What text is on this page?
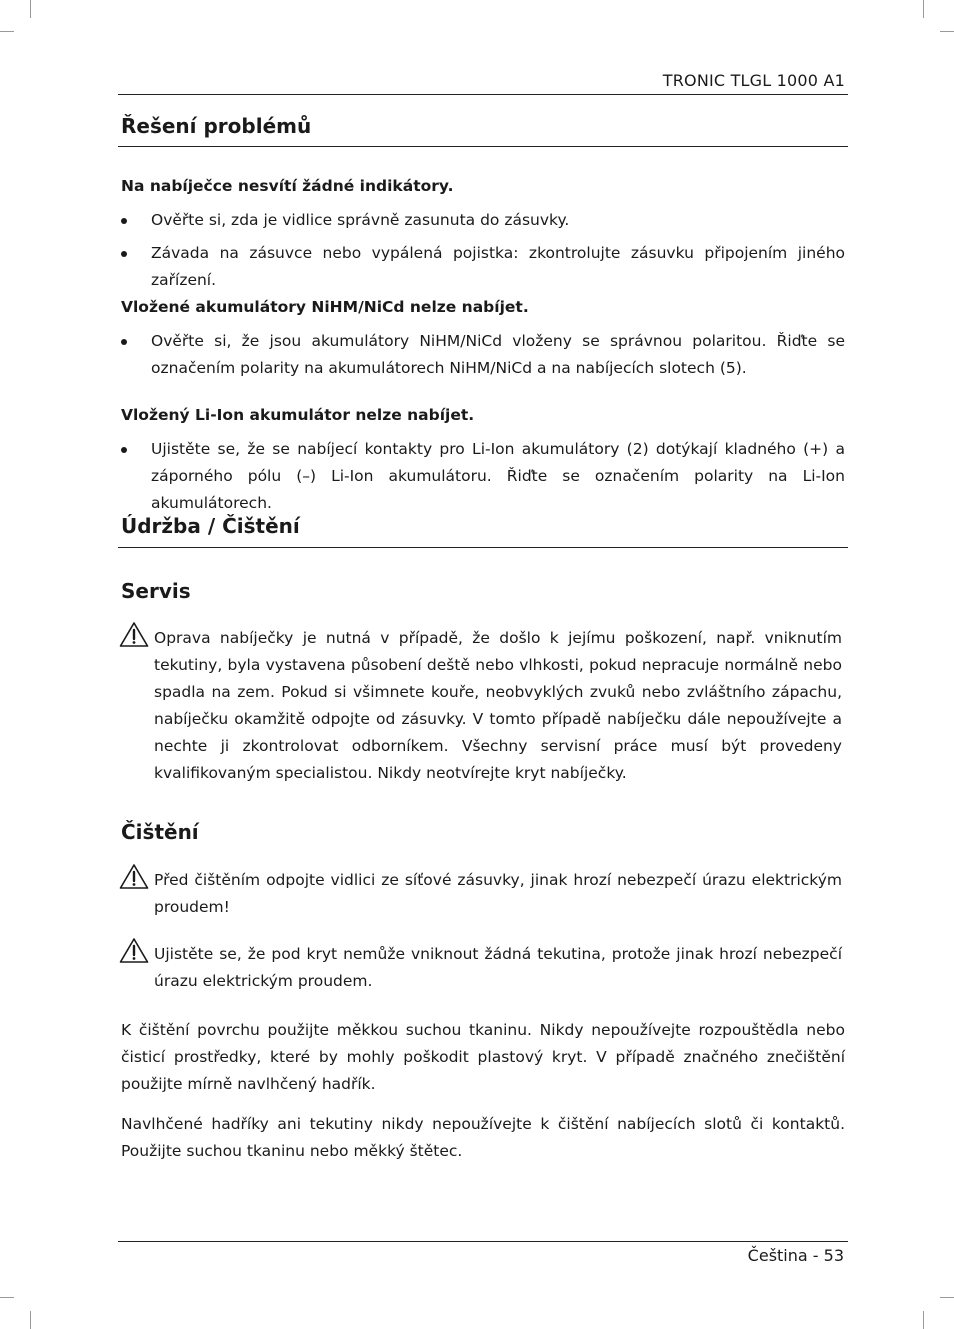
TRONIC TLGL 1000 A1
Řešení problémů
Na nabíječce nesvítí žádné indikátory.

Ověřte si, zda je vidlice správně zasunuta do zásuvky.

Závada na zásuvce nebo vypálená pojistka: zkontrolujte zásuvku připojením jiného zařízení.

Vložené akumulátory NiHM/NiCd nelze nabíjet.

Ověřte si, že jsou akumulátory NiHM/NiCd vloženy se správnou polaritou. Řiďte se označením polarity na akumulátorech NiHM/NiCd a na nabíjecích slotech (5).

Vložený Li-Ion akumulátor nelze nabíjet.

Ujistěte se, že se nabíjecí kontakty pro Li-Ion akumulátory (2) dotýkají kladného (+) a záporného pólu (–) Li-Ion akumulátoru. Řiďte se označením polarity na Li-Ion akumulátorech.

Údržba / Čištění
Servis

Oprava nabíječky je nutná v případě, že došlo k jejímu poškození, např. vniknutím tekutiny, byla vystavena působení deště nebo vlhkosti, pokud nepracuje normálně nebo spadla na zem. Pokud si všimnete kouře, neobvyklých zvuků nebo zvláštního zápachu, nabíječku okamžitě odpojte od zásuvky. V tomto případě nabíječku dále nepoužívejte a nechte ji zkontrolovat odborníkem. Všechny servisní práce musí být provedeny kvalifikovaným specialistou. Nikdy neotvírejte kryt nabíječky.

Čištění

Před čištěním odpojte vidlici ze síťové zásuvky, jinak hrozí nebezpečí úrazu elektrickým proudem!

Ujistěte se, že pod kryt nemůže vniknout žádná tekutina, protože jinak hrozí nebezpečí úrazu elektrickým proudem.

K čištění povrchu použijte měkkou suchou tkaninu. Nikdy nepoužívejte rozpouštědla nebo čisticí prostředky, které by mohly poškodit plastový kryt. V případě značného znečištění použijte mírně navlhčený hadřík.

Navlhčené hadříky ani tekutiny nikdy nepoužívejte k čištění nabíjecích slotů či kontaktů. Použijte suchou tkaninu nebo měkký štětec.

Čeština - 53
